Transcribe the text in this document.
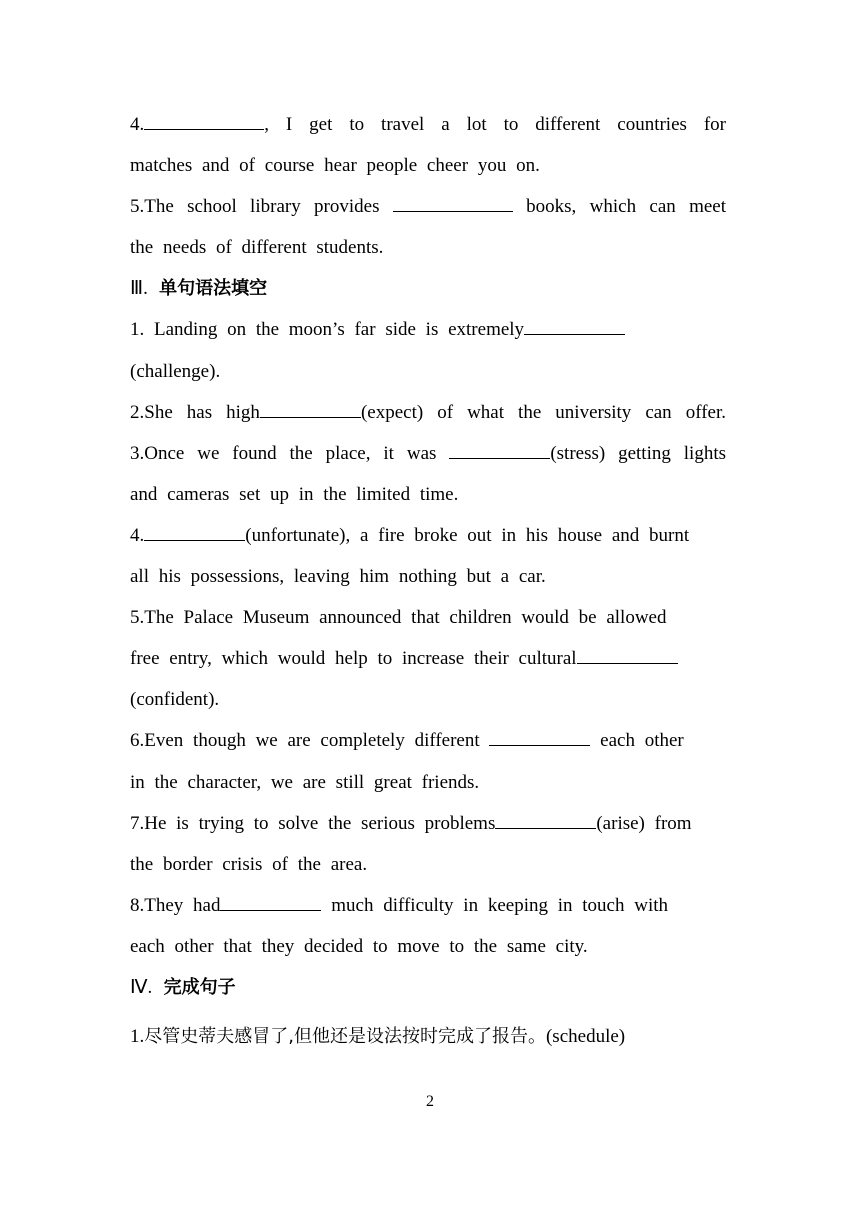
4.	, I get to travel a lot to different countries for
matches and of course hear people cheer you on.
5.The school library provides	books, which can meet
the needs of different students.
Ⅲ. 单句语法填空
1. Landing on the moon’s far side is extremely
(challenge).
2.She has high	(expect) of what the university can offer.
3.Once we found the place, it was	(stress) getting lights
and cameras set up in the limited time.
4.	(unfortunate), a fire broke out in his house and burnt
all his possessions, leaving him nothing but a car.
5.The Palace Museum announced that children would be allowed
free entry, which would help to increase their cultural
(confident).
6.Even though we are completely different	each other
in the character, we are still great friends.
7.He is trying to solve the serious problems	(arise) from
the border crisis of the area.
8.They had	much difficulty in keeping in touch with
each other that they decided to move to the same city.
Ⅳ. 完成句子
1.尽管史蒂夫感冒了,但他还是设法按时完成了报告。(schedule)
2
